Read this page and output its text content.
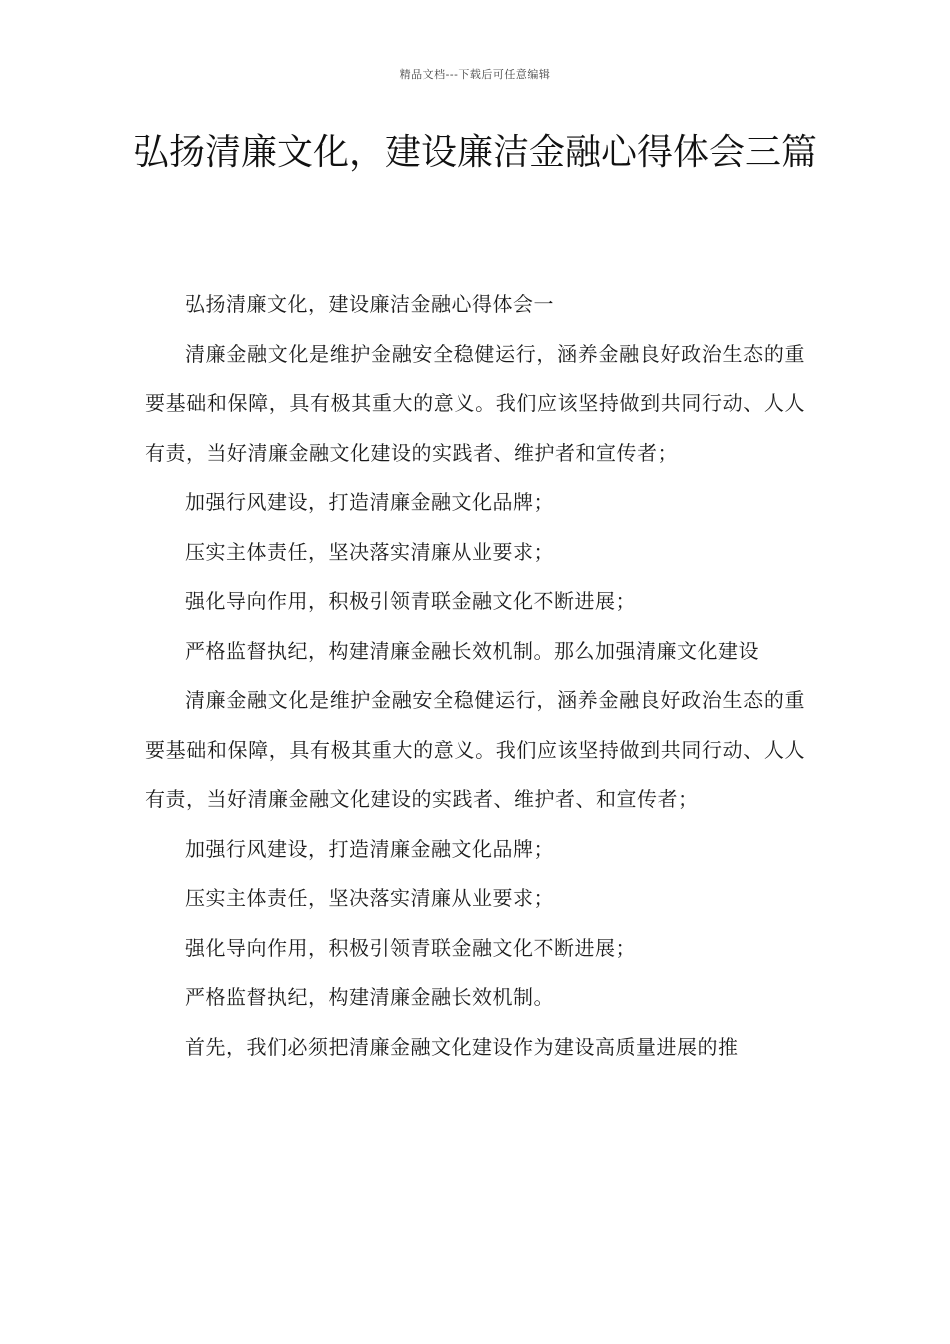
精品文档---下载后可任意编辑
弘扬清廉文化，建设廉洁金融心得体会三篇

弘扬清廉文化，建设廉洁金融心得体会一

清廉金融文化是维护金融安全稳健运行，涵养金融良好政治生态的重要基础和保障，具有极其重大的意义。我们应该坚持做到共同行动、人人有责，当好清廉金融文化建设的实践者、维护者和宣传者；

加强行风建设，打造清廉金融文化品牌；

压实主体责任，坚决落实清廉从业要求；

强化导向作用，积极引领青联金融文化不断进展；

严格监督执纪，构建清廉金融长效机制。那么加强清廉文化建设

清廉金融文化是维护金融安全稳健运行，涵养金融良好政治生态的重要基础和保障，具有极其重大的意义。我们应该坚持做到共同行动、人人有责，当好清廉金融文化建设的实践者、维护者、和宣传者；

加强行风建设，打造清廉金融文化品牌；

压实主体责任，坚决落实清廉从业要求；

强化导向作用，积极引领青联金融文化不断进展；

严格监督执纪，构建清廉金融长效机制。

首先，我们必须把清廉金融文化建设作为建设高质量进展的推
